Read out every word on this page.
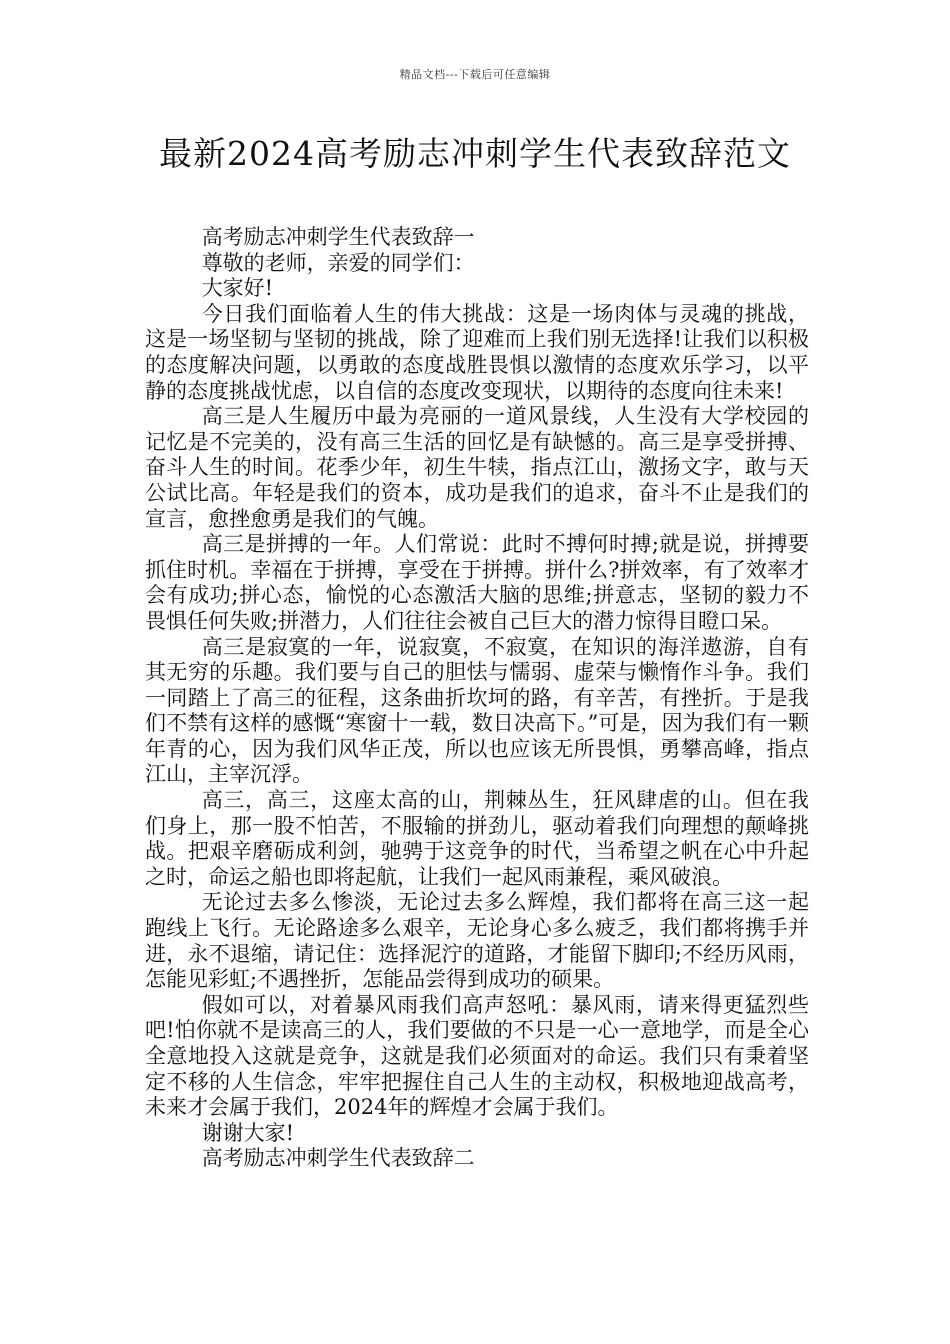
精品文档---下载后可任意编辑
最新2024高考励志冲刺学生代表致辞范文

高考励志冲刺学生代表致辞一

尊敬的老师，亲爱的同学们：

大家好!

今日我们面临着人生的伟大挑战：这是一场肉体与灵魂的挑战，这是一场坚韧与坚韧的挑战，除了迎难而上我们别无选择!让我们以积极的态度解决问题，以勇敢的态度战胜畏惧以激情的态度欢乐学习，以平静的态度挑战忧虑，以自信的态度改变现状，以期待的态度向往未来!

高三是人生履历中最为亮丽的一道风景线，人生没有大学校园的记忆是不完美的，没有高三生活的回忆是有缺憾的。高三是享受拼搏、奋斗人生的时间。花季少年，初生牛犊，指点江山，激扬文字，敢与天公试比高。年轻是我们的资本，成功是我们的追求，奋斗不止是我们的宣言，愈挫愈勇是我们的气魄。

高三是拼搏的一年。人们常说：此时不搏何时搏;就是说，拼搏要抓住时机。幸福在于拼搏，享受在于拼搏。拼什么?拼效率，有了效率才会有成功;拼心态，愉悦的心态激活大脑的思维;拼意志，坚韧的毅力不畏惧任何失败;拼潜力，人们往往会被自己巨大的潜力惊得目瞪口呆。

高三是寂寞的一年，说寂寞，不寂寞，在知识的海洋遨游，自有其无穷的乐趣。我们要与自己的胆怯与懦弱、虚荣与懒惰作斗争。我们一同踏上了高三的征程，这条曲折坎坷的路，有辛苦，有挫折。于是我们不禁有这样的感慨“寒窗十一载，数日决高下。”可是，因为我们有一颗年青的心，因为我们风华正茂，所以也应该无所畏惧，勇攀高峰，指点江山，主宰沉浮。

高三，高三，这座太高的山，荆棘丛生，狂风肆虐的山。但在我们身上，那一股不怕苦，不服输的拼劲儿，驱动着我们向理想的颠峰挑战。把艰辛磨砺成利剑，驰骋于这竞争的时代，当希望之帆在心中升起之时，命运之船也即将起航，让我们一起风雨兼程，乘风破浪。

无论过去多么惨淡，无论过去多么辉煌，我们都将在高三这一起跑线上飞行。无论路途多么艰辛，无论身心多么疲乏，我们都将携手并进，永不退缩，请记住：选择泥泞的道路，才能留下脚印;不经历风雨，怎能见彩虹;不遇挫折，怎能品尝得到成功的硕果。

假如可以，对着暴风雨我们高声怒吼：暴风雨，请来得更猛烈些吧!怕你就不是读高三的人，我们要做的不只是一心一意地学，而是全心全意地投入这就是竞争，这就是我们必须面对的命运。我们只有秉着坚定不移的人生信念，牢牢把握住自己人生的主动权，积极地迎战高考，未来才会属于我们，2024年的辉煌才会属于我们。

谢谢大家!

高考励志冲刺学生代表致辞二
